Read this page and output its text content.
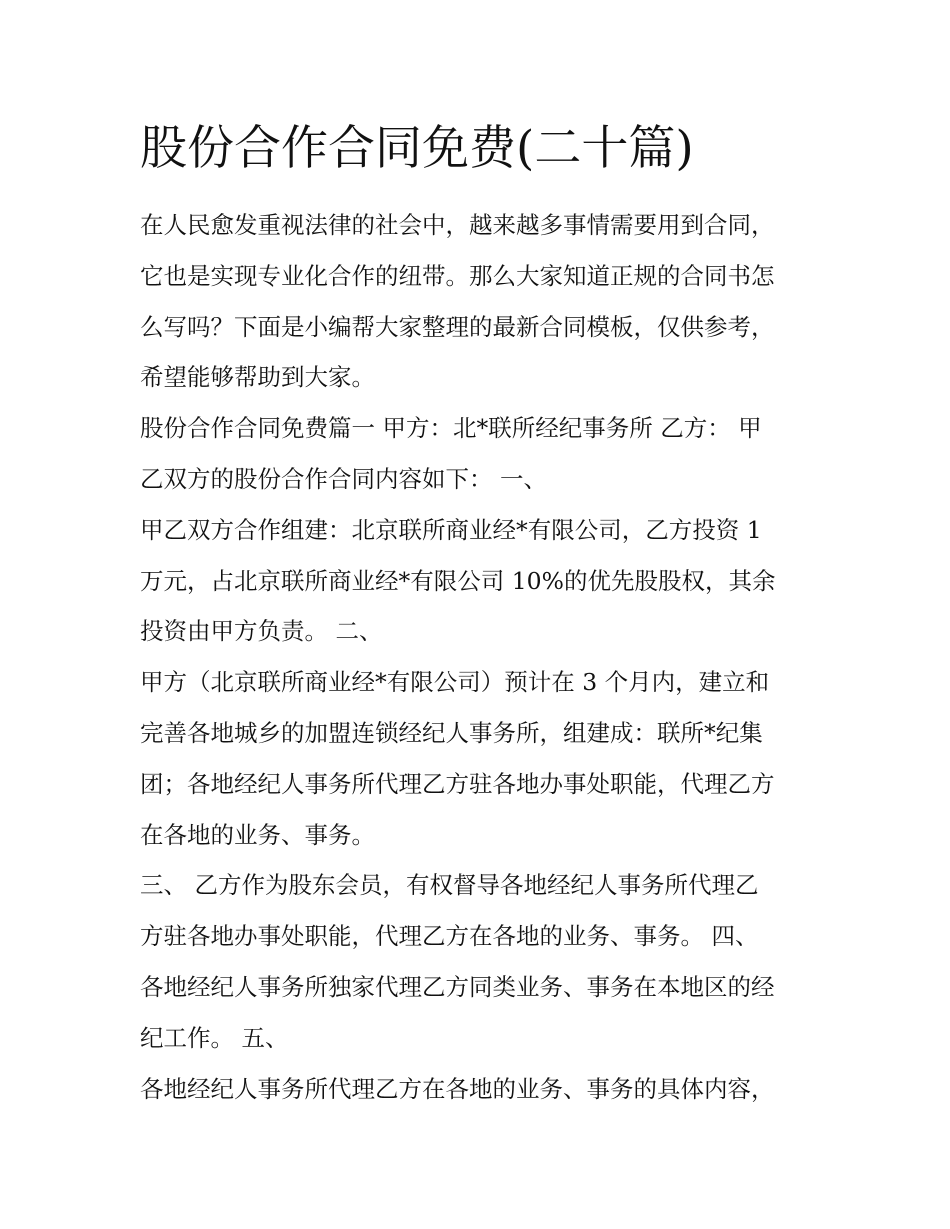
股份合作合同免费(二十篇)
在人民愈发重视法律的社会中，越来越多事情需要用到合同，
它也是实现专业化合作的纽带。那么大家知道正规的合同书怎
么写吗？下面是小编帮大家整理的最新合同模板，仅供参考，
希望能够帮助到大家。
股份合作合同免费篇一 甲方：北*联所经纪事务所 乙方： 甲
乙双方的股份合作合同内容如下： 一、
甲乙双方合作组建：北京联所商业经*有限公司，乙方投资 1
万元，占北京联所商业经*有限公司 10%的优先股股权，其余
投资由甲方负责。 二、
甲方（北京联所商业经*有限公司）预计在 3 个月内，建立和
完善各地城乡的加盟连锁经纪人事务所，组建成：联所*纪集
团；各地经纪人事务所代理乙方驻各地办事处职能，代理乙方
在各地的业务、事务。
三、 乙方作为股东会员，有权督导各地经纪人事务所代理乙
方驻各地办事处职能，代理乙方在各地的业务、事务。 四、
各地经纪人事务所独家代理乙方同类业务、事务在本地区的经
纪工作。 五、
各地经纪人事务所代理乙方在各地的业务、事务的具体内容，
